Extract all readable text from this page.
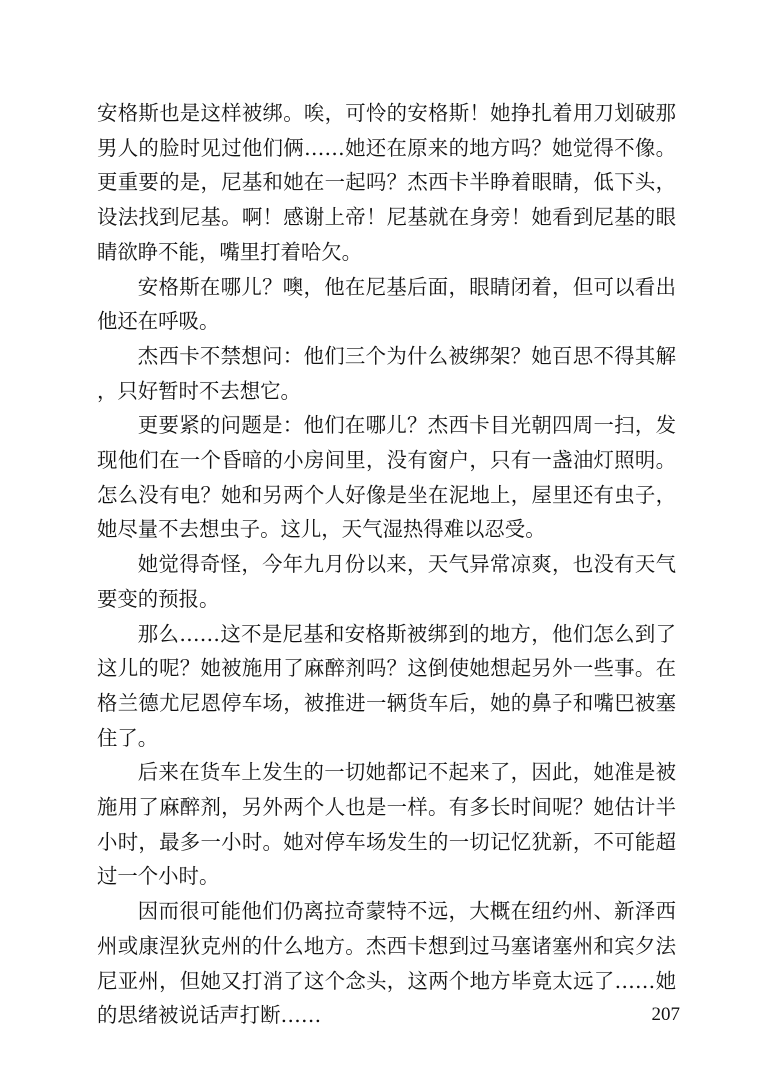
安格斯也是这样被绑。唉，可怜的安格斯！她挣扎着用刀划破那男人的脸时见过他们俩……她还在原来的地方吗？她觉得不像。更重要的是，尼基和她在一起吗？杰西卡半睁着眼睛，低下头，设法找到尼基。啊！感谢上帝！尼基就在身旁！她看到尼基的眼睛欲睁不能，嘴里打着哈欠。

安格斯在哪儿？噢，他在尼基后面，眼睛闭着，但可以看出他还在呼吸。

杰西卡不禁想问：他们三个为什么被绑架？她百思不得其解，只好暂时不去想它。

更要紧的问题是：他们在哪儿？杰西卡目光朝四周一扫，发现他们在一个昏暗的小房间里，没有窗户，只有一盏油灯照明。怎么没有电？她和另两个人好像是坐在泥地上，屋里还有虫子，她尽量不去想虫子。这儿，天气湿热得难以忍受。

她觉得奇怪，今年九月份以来，天气异常凉爽，也没有天气要变的预报。

那么……这不是尼基和安格斯被绑到的地方，他们怎么到了这儿的呢？她被施用了麻醉剂吗？这倒使她想起另外一些事。在格兰德尤尼恩停车场，被推进一辆货车后，她的鼻子和嘴巴被塞住了。

后来在货车上发生的一切她都记不起来了，因此，她准是被施用了麻醉剂，另外两个人也是一样。有多长时间呢？她估计半小时，最多一小时。她对停车场发生的一切记忆犹新，不可能超过一个小时。

因而很可能他们仍离拉奇蒙特不远，大概在纽约州、新泽西州或康涅狄克州的什么地方。杰西卡想到过马塞诸塞州和宾夕法尼亚州，但她又打消了这个念头，这两个地方毕竟太远了……她的思绪被说话声打断……	207
